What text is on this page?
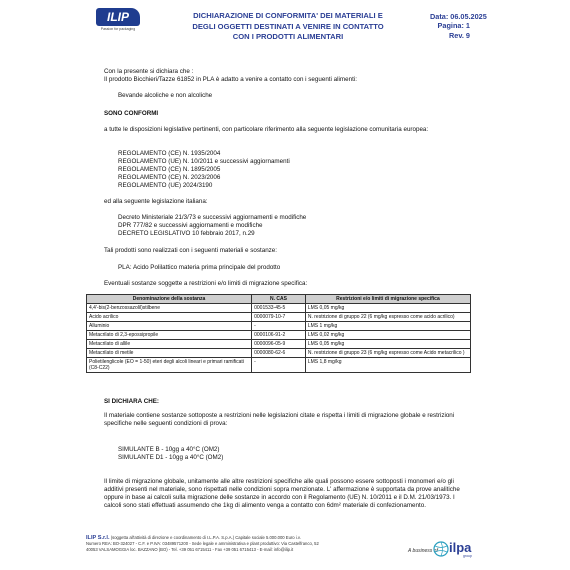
ILIP
Passion for packaging
DICHIARAZIONE DI CONFORMITA' DEI MATERIALI E
DEGLI OGGETTI DESTINATI A VENIRE IN CONTATTO
CON I PRODOTTI ALIMENTARI
Data: 06.05.2025
Pagina: 1
Rev. 9
Con la presente si dichiara che :
Il prodotto Bicchieri/Tazze 61852 in PLA è adatto a venire a contatto con i seguenti alimenti:
Bevande alcoliche e non alcoliche
SONO CONFORMI
a tutte le disposizioni legislative pertinenti, con particolare riferimento alla seguente legislazione comunitaria europea:
REGOLAMENTO (CE) N. 1935/2004
REGOLAMENTO (UE) N. 10/2011 e successivi aggiornamenti
REGOLAMENTO (CE) N. 1895/2005
REGOLAMENTO (CE) N. 2023/2006
REGOLAMENTO (UE) 2024/3190
ed alla seguente legislazione italiana:
Decreto Ministeriale 21/3/73 e successivi aggiornamenti e modifiche
DPR 777/82 e successivi aggiornamenti e modifiche
DECRETO LEGISLATIVO 10 febbraio 2017, n.29
Tali prodotti sono realizzati con i seguenti materiali e sostanze:
PLA: Acido Polilattico materia prima principale del prodotto
Eventuali sostanze soggette a restrizioni e/o limiti di migrazione specifica:
Denominazione della sostanza	N. CAS	Restrizioni e/o limiti di migrazione specifica
4,4'-bis(2-benzossazolil)stilbene	0001533-45-5	LMS 0,05 mg/kg
Acido acrilico	0000079-10-7	N. restrizione di gruppo 22 (6 mg/kg espresso come acido acrilico)
Alluminio	-	LMS 1 mg/kg
Metacrilato di 2,3-epossipropile	0000106-91-2	LMS 0,02 mg/kg
Metacrilato di allile	0000096-05-9	LMS 0,05 mg/kg
Metacrilato di metile	0000080-62-6	N. restrizione di gruppo 23 (6 mg/kg espresso come Acido metacrilico )
Polietilenglicole (EO = 1-50) eteri degli alcoli lineari e primari ramificati (C8-C22)	-	LMS 1,8 mg/kg
SI DICHIARA CHE:
Il materiale contiene sostanze sottoposte a restrizioni nelle legislazioni citate e rispetta i limiti di migrazione globale e restrizioni specifiche nelle seguenti condizioni di prova:
SIMULANTE B - 10gg a 40°C (OM2)
SIMULANTE D1 - 10gg a 40°C (OM2)
Il limite di migrazione globale, unitamente alle altre restrizioni specifiche alle quali possono essere sottoposti i monomeri e/o gli additivi presenti nel materiale, sono rispettati nelle condizioni sopra menzionate. L' affermazione è supportata da prove analitiche oppure in base ai calcoli sulla migrazione delle sostanze in accordo con il Regolamento (UE) N. 10/2011 e il D.M. 21/03/1973. I calcoli sono stati effettuati assumendo che 1kg di alimento venga a contatto con 6dm² materiale di confezionamento.
ILIP S.r.l. (soggetta all'attività di direzione e coordinamento di I.L.P.A. S.p.A.) Capitale sociale 5.000.000 Euro i.v.
Numero REA: BO-324027 - C.F. e P.IVA: 03489571200 - Sede legale e amministrativa e plant produttivo: Via Castelfranco, 52
40053 VALSAMOGGIA loc. BAZZANO (BO) - Tel. +39 051 6715411 - Fax +39 051 6715413 - E-mail: info@ilip.it	A business of ilpa
group
